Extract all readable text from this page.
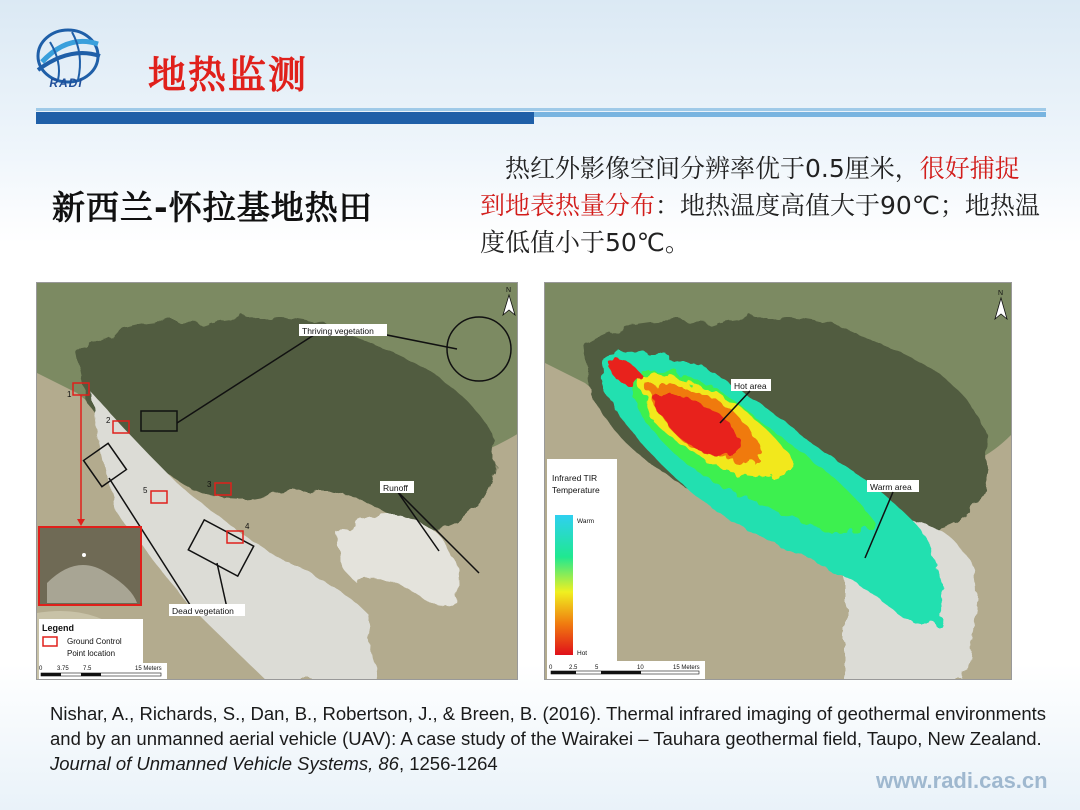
RADI	地热监测
新西兰-怀拉基地热田
热红外影像空间分辨率优于0.5厘米，很好捕捉到地表热量分布：地热温度高值大于90℃；地热温度低值小于50℃。
1
2
3
4
5
Thriving vegetation
Runoff
Dead vegetation
N
Legend
Ground Control
Point location
0 3.75 7.5	15 Meters
Hot area
Warm area
N
Infrared TIR
Temperature
Warm
Hot
0	2.5	5	10	15 Meters
Nishar, A., Richards, S., Dan, B., Robertson, J., & Breen, B. (2016). Thermal infrared imaging of geothermal environments and by an unmanned aerial vehicle (UAV): A case study of the Wairakei – Tauhara geothermal field, Taupo, New Zealand. Journal of Unmanned Vehicle Systems, 86, 1256-1264
www.radi.cas.cn
